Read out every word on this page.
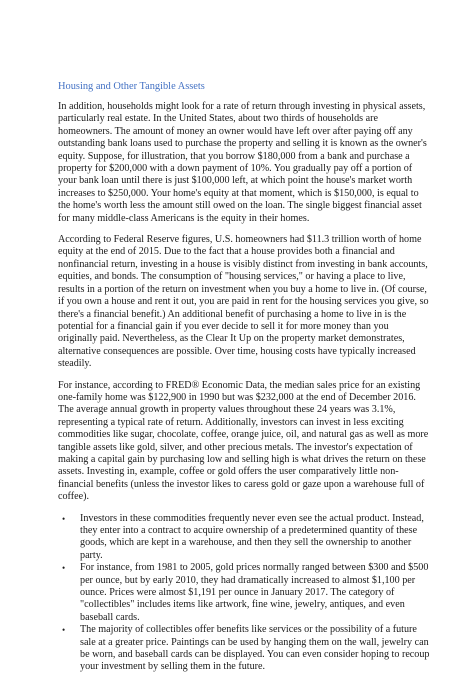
Housing and Other Tangible Assets

In addition, households might look for a rate of return through investing in physical assets, particularly real estate. In the United States, about two thirds of households are homeowners. The amount of money an owner would have left over after paying off any outstanding bank loans used to purchase the property and selling it is known as the owner's equity. Suppose, for illustration, that you borrow $180,000 from a bank and purchase a property for $200,000 with a down payment of 10%. You gradually pay off a portion of your bank loan until there is just $100,000 left, at which point the house's market worth increases to $250,000. Your home's equity at that moment, which is $150,000, is equal to the home's worth less the amount still owed on the loan. The single biggest financial asset for many middle-class Americans is the equity in their homes.

According to Federal Reserve figures, U.S. homeowners had $11.3 trillion worth of home equity at the end of 2015. Due to the fact that a house provides both a financial and nonfinancial return, investing in a house is visibly distinct from investing in bank accounts, equities, and bonds. The consumption of "housing services," or having a place to live, results in a portion of the return on investment when you buy a home to live in. (Of course, if you own a house and rent it out, you are paid in rent for the housing services you give, so there's a financial benefit.) An additional benefit of purchasing a home to live in is the potential for a financial gain if you ever decide to sell it for more money than you originally paid. Nevertheless, as the Clear It Up on the property market demonstrates, alternative consequences are possible. Over time, housing costs have typically increased steadily.

For instance, according to FRED® Economic Data, the median sales price for an existing one-family home was $122,900 in 1990 but was $232,000 at the end of December 2016. The average annual growth in property values throughout these 24 years was 3.1%, representing a typical rate of return. Additionally, investors can invest in less exciting commodities like sugar, chocolate, coffee, orange juice, oil, and natural gas as well as more tangible assets like gold, silver, and other precious metals. The investor's expectation of making a capital gain by purchasing low and selling high is what drives the return on these assets. Investing in, example, coffee or gold offers the user comparatively little non-financial benefits (unless the investor likes to caress gold or gaze upon a warehouse full of coffee).

• Investors in these commodities frequently never even see the actual product. Instead, they enter into a contract to acquire ownership of a predetermined quantity of these goods, which are kept in a warehouse, and then they sell the ownership to another party.
• For instance, from 1981 to 2005, gold prices normally ranged between $300 and $500 per ounce, but by early 2010, they had dramatically increased to almost $1,100 per ounce. Prices were almost $1,191 per ounce in January 2017. The category of "collectibles" includes items like artwork, fine wine, jewelry, antiques, and even baseball cards.
• The majority of collectibles offer benefits like services or the possibility of a future sale at a greater price. Paintings can be used by hanging them on the wall, jewelry can be worn, and baseball cards can be displayed. You can even consider hoping to recoup your investment by selling them in the future.
